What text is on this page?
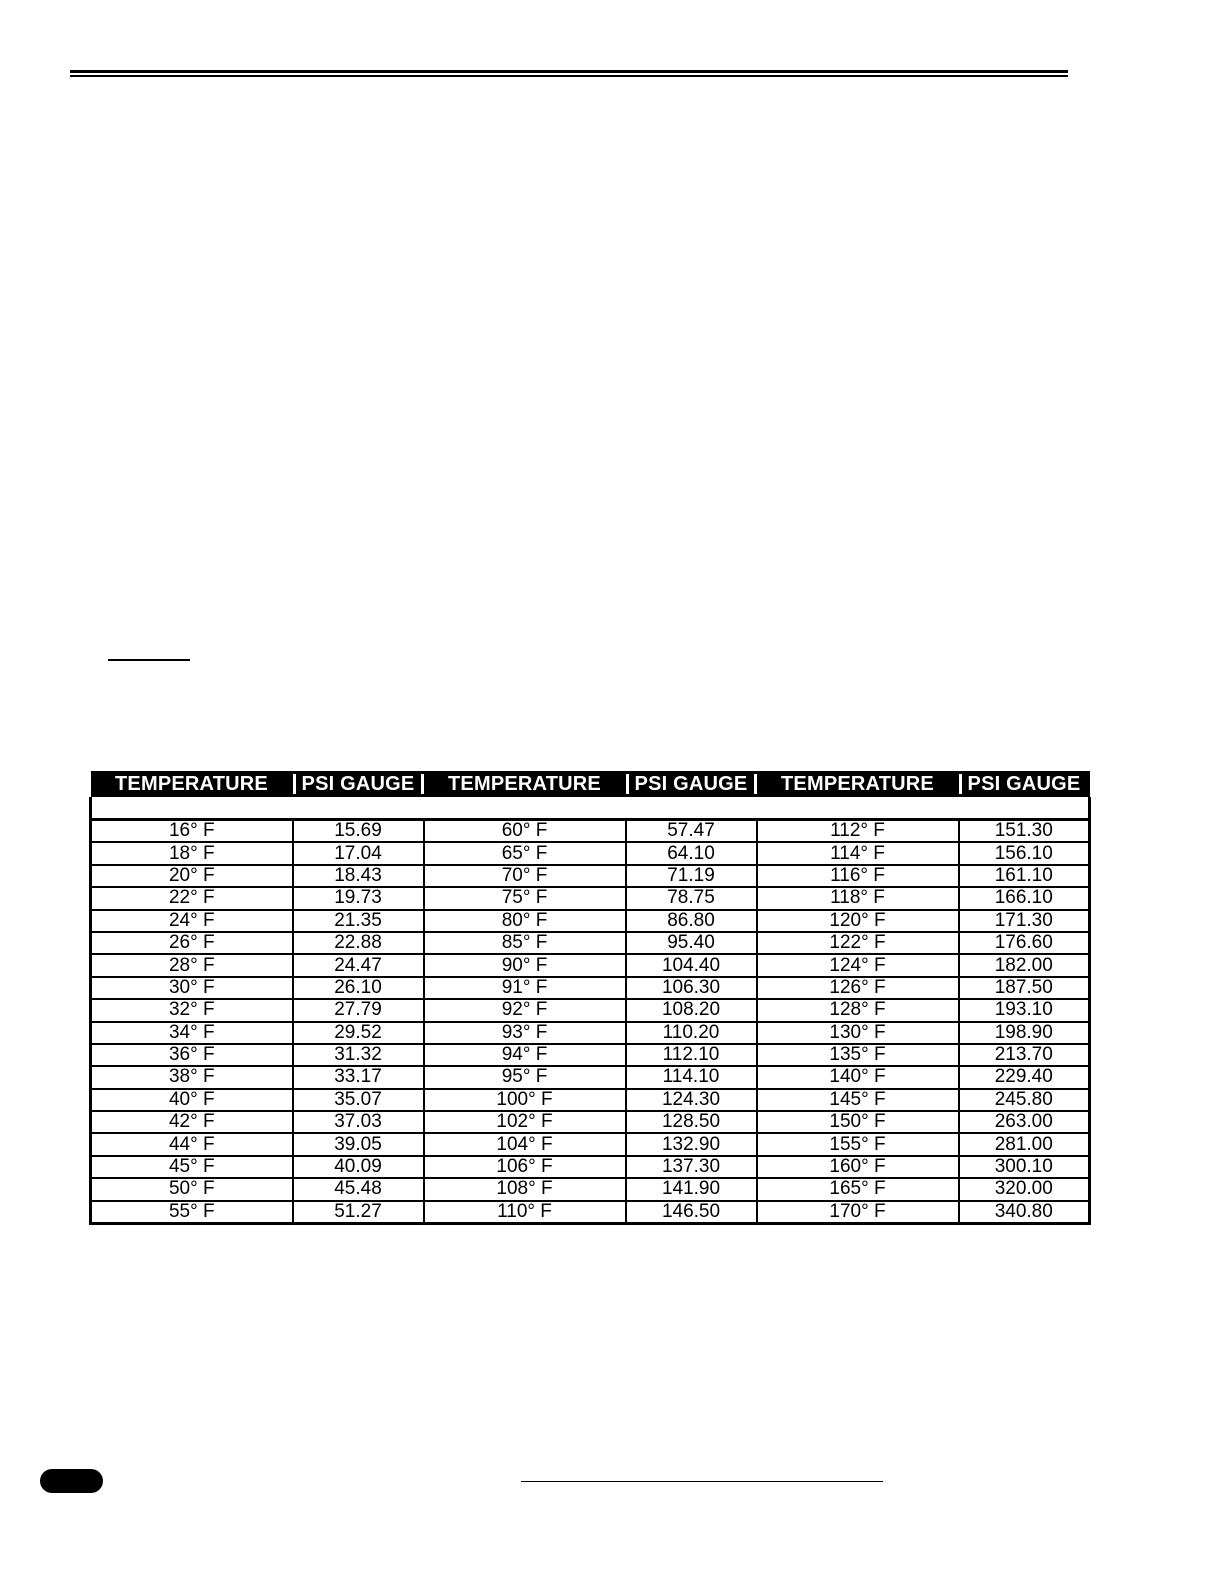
TEMPERATURE	PSI GAUGE	TEMPERATURE	PSI GAUGE	TEMPERATURE	PSI GAUGE

16° F	15.69	60° F	57.47	112° F	151.30
18° F	17.04	65° F	64.10	114° F	156.10
20° F	18.43	70° F	71.19	116° F	161.10
22° F	19.73	75° F	78.75	118° F	166.10
24° F	21.35	80° F	86.80	120° F	171.30
26° F	22.88	85° F	95.40	122° F	176.60
28° F	24.47	90° F	104.40	124° F	182.00
30° F	26.10	91° F	106.30	126° F	187.50
32° F	27.79	92° F	108.20	128° F	193.10
34° F	29.52	93° F	110.20	130° F	198.90
36° F	31.32	94° F	112.10	135° F	213.70
38° F	33.17	95° F	114.10	140° F	229.40
40° F	35.07	100° F	124.30	145° F	245.80
42° F	37.03	102° F	128.50	150° F	263.00
44° F	39.05	104° F	132.90	155° F	281.00
45° F	40.09	106° F	137.30	160° F	300.10
50° F	45.48	108° F	141.90	165° F	320.00
55° F	51.27	110° F	146.50	170° F	340.80
